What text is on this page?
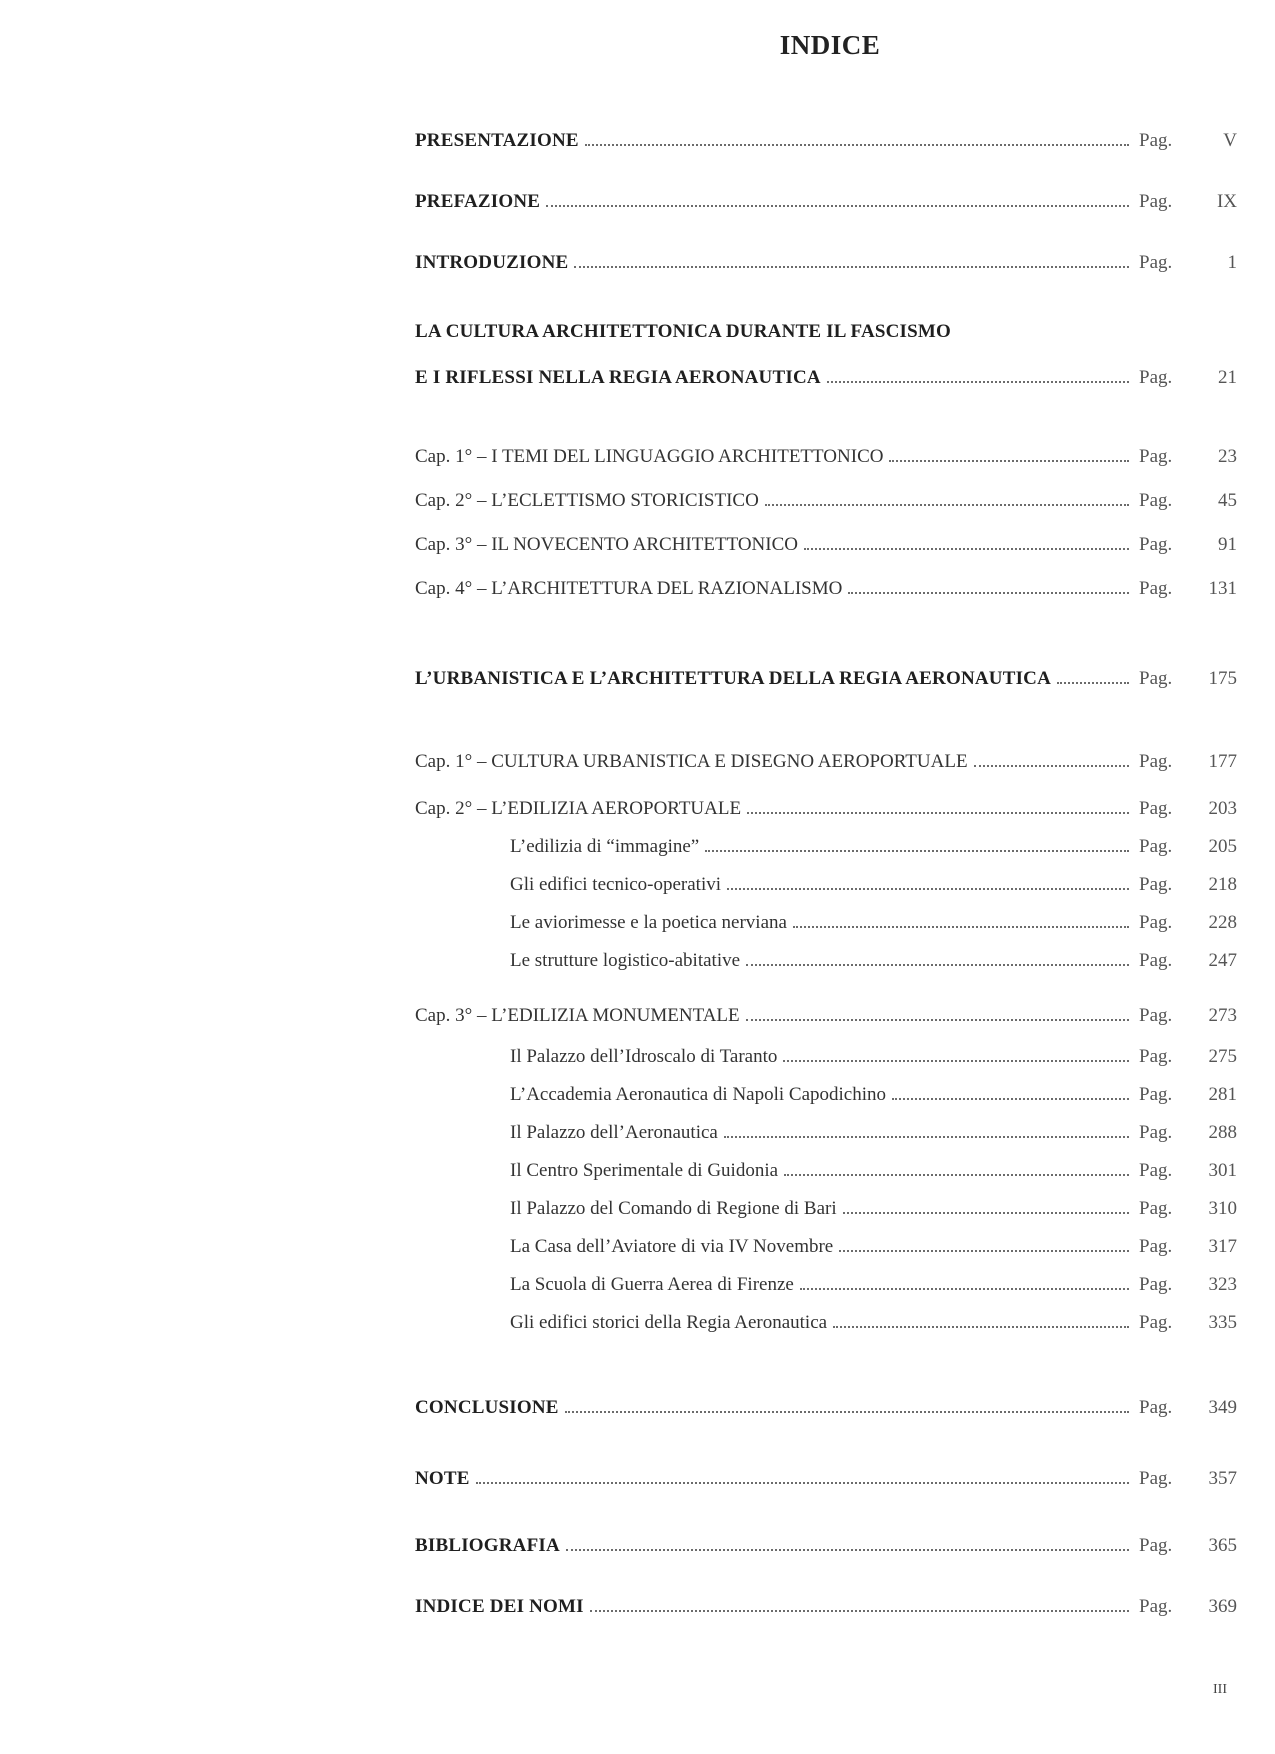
INDICE
PRESENTAZIONE	Pag.	V
PREFAZIONE	Pag.	IX
INTRODUZIONE	Pag.	1
LA CULTURA ARCHITETTONICA DURANTE IL FASCISMO
E I RIFLESSI NELLA REGIA AERONAUTICA	Pag.	21
Cap. 1° – I TEMI DEL LINGUAGGIO ARCHITETTONICO	Pag.	23
Cap. 2° – L’ECLETTISMO STORICISTICO	Pag.	45
Cap. 3° – IL NOVECENTO ARCHITETTONICO	Pag.	91
Cap. 4° – L’ARCHITETTURA DEL RAZIONALISMO	Pag.	131
L’URBANISTICA E L’ARCHITETTURA DELLA REGIA AERONAUTICA	Pag.	175
Cap. 1° – CULTURA URBANISTICA E DISEGNO AEROPORTUALE	Pag.	177
Cap. 2° – L’EDILIZIA AEROPORTUALE	Pag.	203
L’edilizia di “immagine”	Pag.	205
Gli edifici tecnico-operativi	Pag.	218
Le aviorimesse e la poetica nerviana	Pag.	228
Le strutture logistico-abitative	Pag.	247
Cap. 3° – L’EDILIZIA MONUMENTALE	Pag.	273
Il Palazzo dell’Idroscalo di Taranto	Pag.	275
L’Accademia Aeronautica di Napoli Capodichino	Pag.	281
Il Palazzo dell’Aeronautica	Pag.	288
Il Centro Sperimentale di Guidonia	Pag.	301
Il Palazzo del Comando di Regione di Bari	Pag.	310
La Casa dell’Aviatore di via IV Novembre	Pag.	317
La Scuola di Guerra Aerea di Firenze	Pag.	323
Gli edifici storici della Regia Aeronautica	Pag.	335
CONCLUSIONE	Pag.	349
NOTE	Pag.	357
BIBLIOGRAFIA	Pag.	365
INDICE DEI NOMI	Pag.	369
III
